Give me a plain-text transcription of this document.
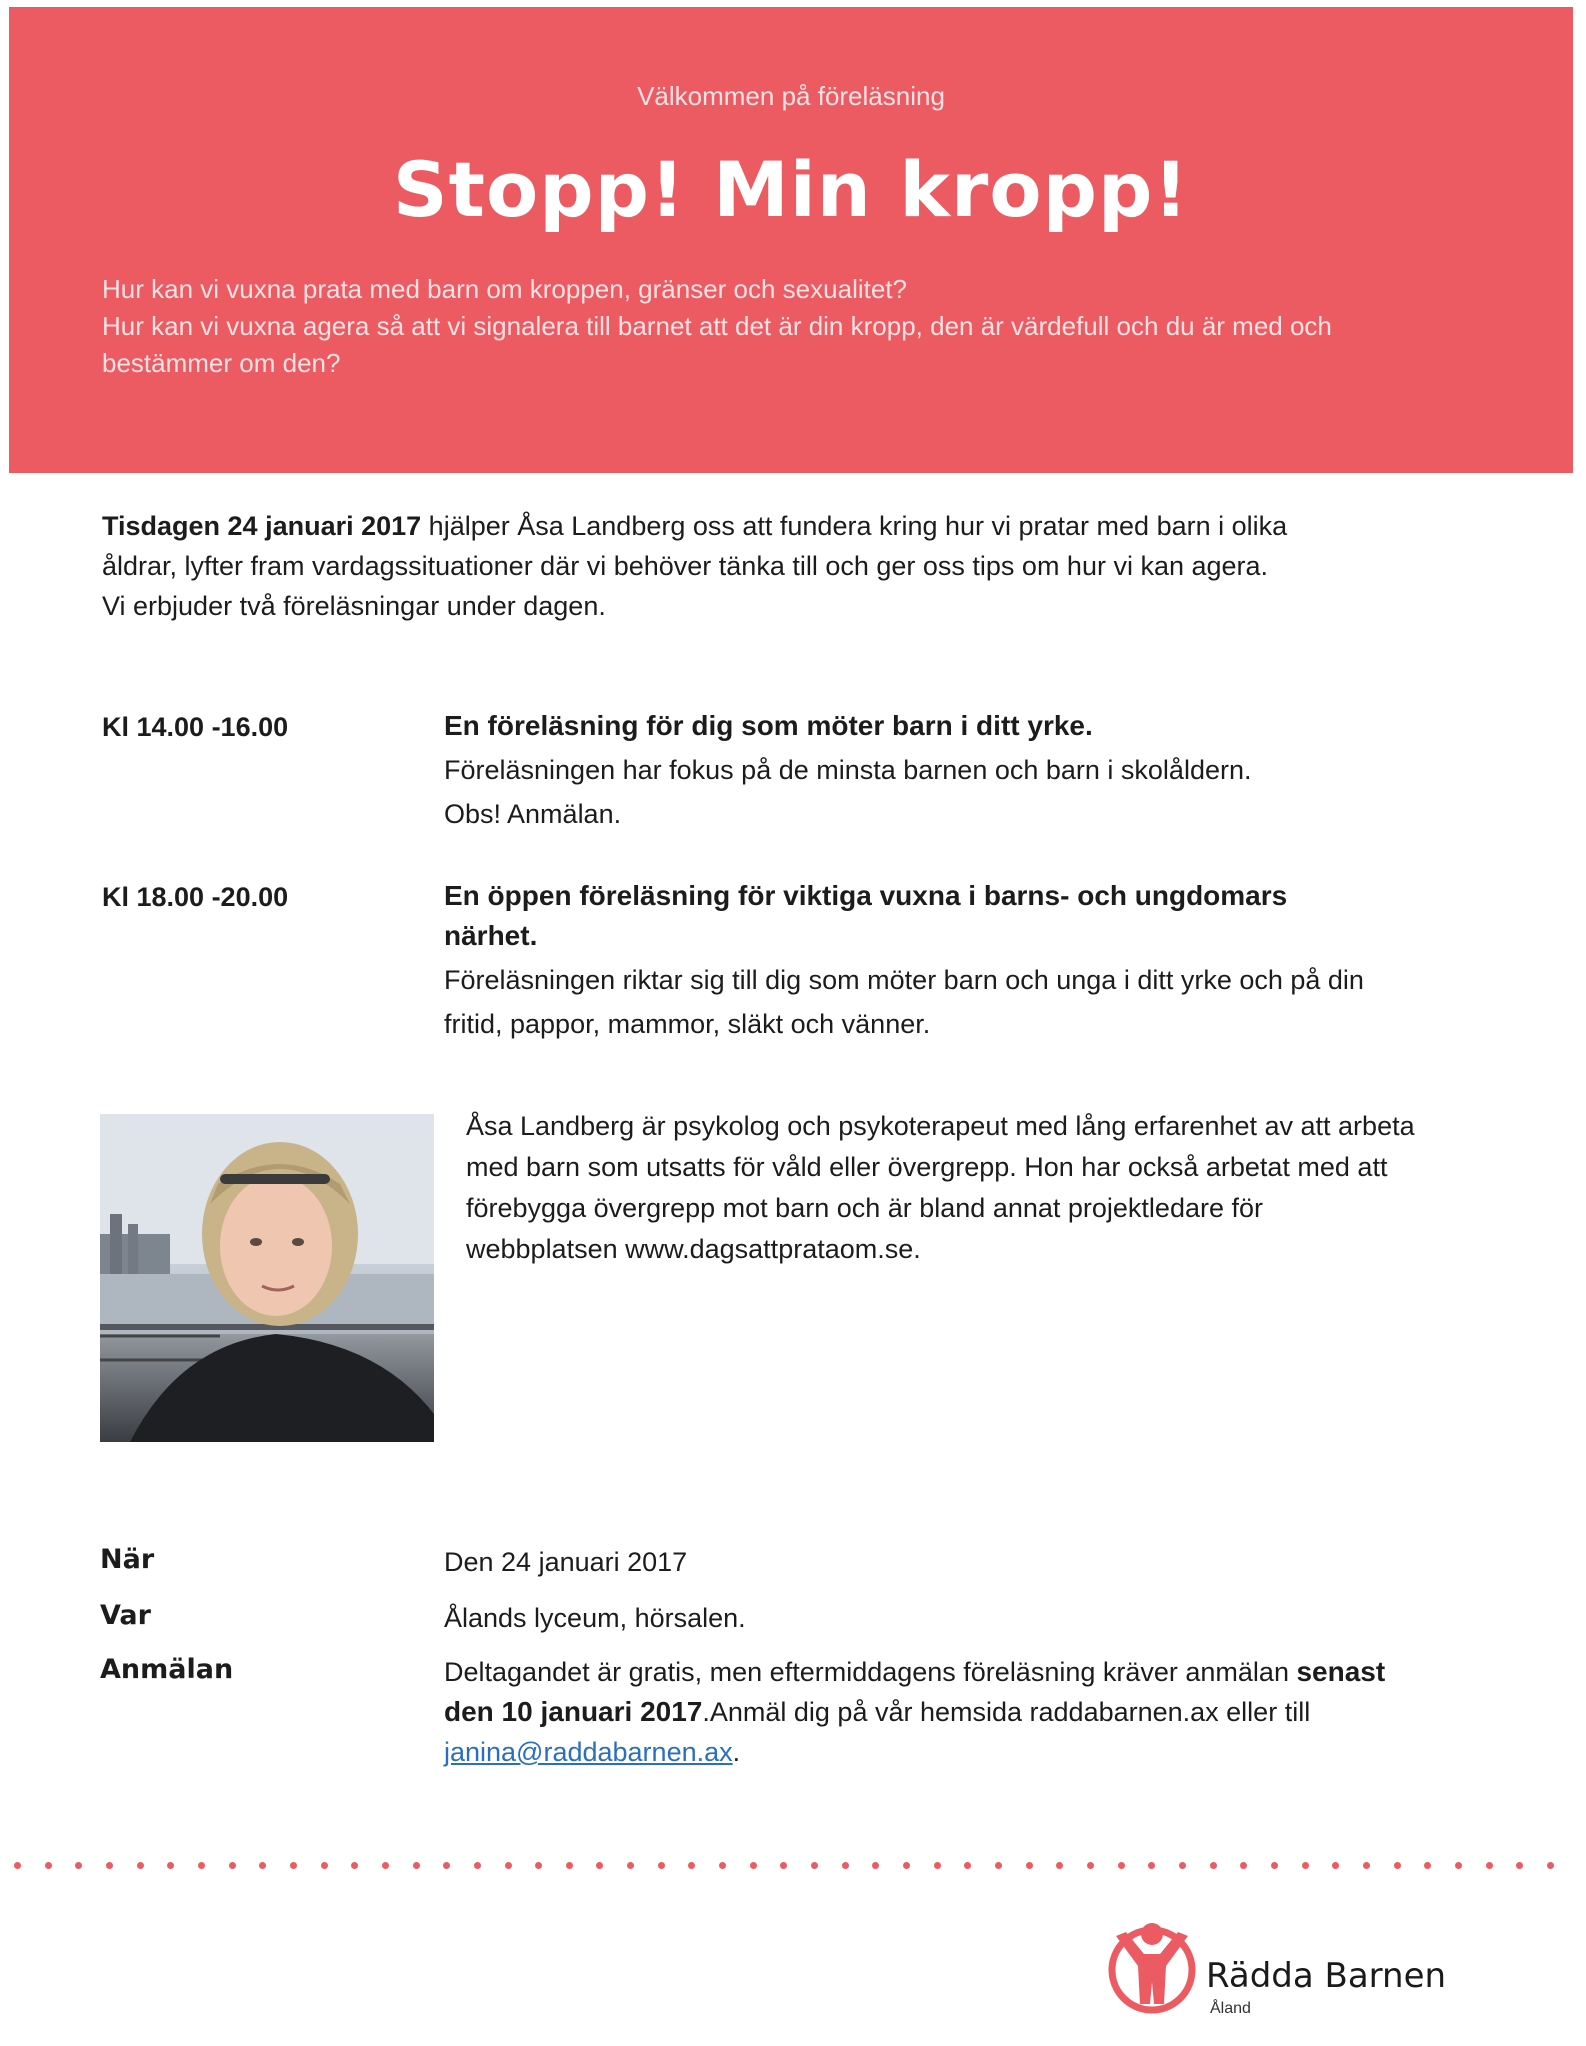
Välkommen på föreläsning
Stopp! Min kropp!
Hur kan vi vuxna prata med barn om kroppen, gränser och sexualitet?
Hur kan vi vuxna agera så att vi signalera till barnet att det är din kropp, den är värdefull och du är med och
bestämmer om den?
Tisdagen 24 januari 2017 hjälper Åsa Landberg oss att fundera kring hur vi pratar med barn i olika
åldrar, lyfter fram vardagssituationer där vi behöver tänka till och ger oss tips om hur vi kan agera.
Vi erbjuder två föreläsningar under dagen.
Kl 14.00 -16.00	En föreläsning för dig som möter barn i ditt yrke.
Föreläsningen har fokus på de minsta barnen och barn i skolåldern.
Obs! Anmälan.
Kl 18.00 -20.00	En öppen föreläsning för viktiga vuxna i barns- och ungdomars
närhet.
Föreläsningen riktar sig till dig som möter barn och unga i ditt yrke och på din
fritid, pappor, mammor, släkt och vänner.
Åsa Landberg är psykolog och psykoterapeut med lång erfarenhet av att arbeta
med barn som utsatts för våld eller övergrepp. Hon har också arbetat med att
förebygga övergrepp mot barn och är bland annat projektledare för
webbplatsen www.dagsattprataom.se.
När	Den 24 januari 2017
Var	Ålands lyceum, hörsalen.
Anmälan	Deltagandet är gratis, men eftermiddagens föreläsning kräver anmälan senast
den 10 januari 2017.Anmäl dig på vår hemsida raddabarnen.ax eller till
janina@raddabarnen.ax.
Rädda Barnen
Åland
